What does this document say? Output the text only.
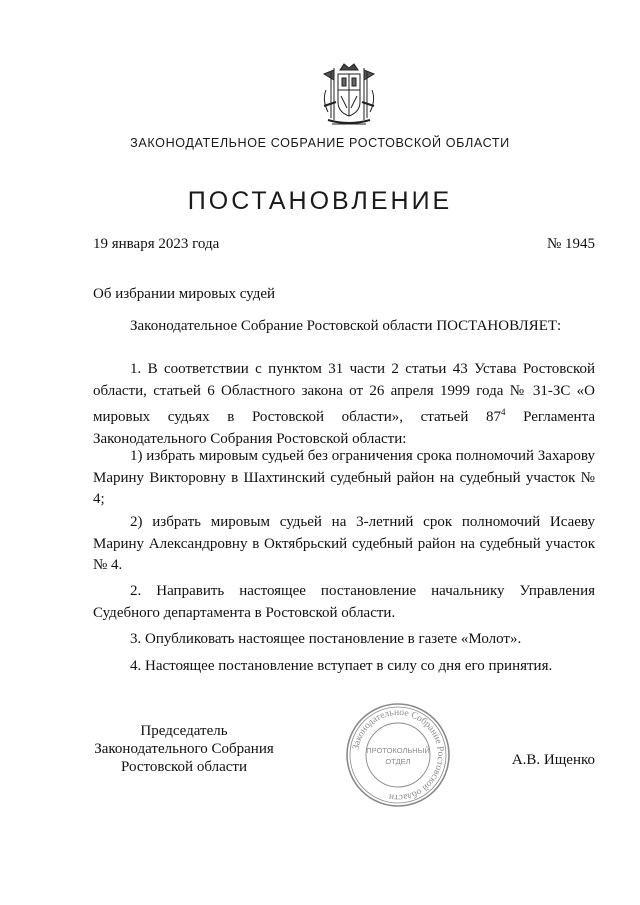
ЗАКОНОДАТЕЛЬНОЕ СОБРАНИЕ РОСТОВСКОЙ ОБЛАСТИ
ПОСТАНОВЛЕНИЕ
19 января 2023 года	№ 1945
Об избрании мировых судей

Законодательное Собрание Ростовской области ПОСТАНОВЛЯЕТ:

1. В соответствии с пунктом 31 части 2 статьи 43 Устава Ростовской области, статьей 6 Областного закона от 26 апреля 1999 года № 31-ЗС «О мировых судьях в Ростовской области», статьей $87^4$ Регламента Законодательного Собрания Ростовской области:

1) избрать мировым судьей без ограничения срока полномочий Захарову Марину Викторовну в Шахтинский судебный район на судебный участок № 4;

2) избрать мировым судьей на 3-летний срок полномочий Исаеву Марину Александровну в Октябрьский судебный район на судебный участок № 4.

2. Направить настоящее постановление начальнику Управления Судебного департамента в Ростовской области.

3. Опубликовать настоящее постановление в газете «Молот».

4. Настоящее постановление вступает в силу со дня его принятия.

Председатель
Законодательного Собрания
Ростовской области
Законодательное Собрание Ростовской области
ПРОТОКОЛЬНЫЙ
ОТДЕЛ	А.В. Ищенко
